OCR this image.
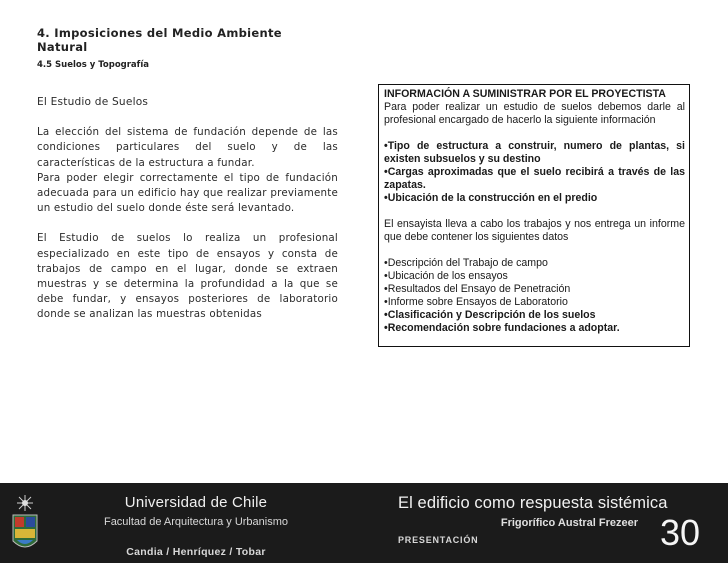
4. Imposiciones del Medio Ambiente Natural
4.5 Suelos y Topografía

El Estudio de Suelos

La elección del sistema de fundación depende de las condiciones particulares del suelo y de las características de la estructura a fundar.

Para poder elegir correctamente el tipo de fundación adecuada para un edificio hay que realizar previamente un estudio del suelo donde éste será levantado.

El Estudio de suelos lo realiza un profesional especializado en este tipo de ensayos y consta de trabajos de campo en el lugar, donde se extraen muestras y se determina la profundidad a la que se debe fundar, y ensayos posteriores de laboratorio donde se analizan las muestras obtenidas

INFORMACIÓN A SUMINISTRAR POR EL PROYECTISTA

Para poder realizar un estudio de suelos debemos darle al profesional encargado de hacerlo la siguiente información

•Tipo de estructura a construir, numero de plantas, si existen subsuelos y su destino

•Cargas aproximadas que el suelo recibirá a través de las zapatas.

•Ubicación de la construcción en el predio

El ensayista lleva a cabo los trabajos y nos entrega un informe que debe contener los siguientes datos

•Descripción del Trabajo de campo

•Ubicación de los ensayos

•Resultados del Ensayo de Penetración

•Informe sobre Ensayos de Laboratorio

•Clasificación y Descripción de los suelos

•Recomendación sobre fundaciones a adoptar.

Universidad de Chile
Facultad de Arquitectura y Urbanismo
Candia / Henríquez / Tobar
El edificio como respuesta sistémica
Frigorífico Austral Frezeer
PRESENTACIÓN	30
